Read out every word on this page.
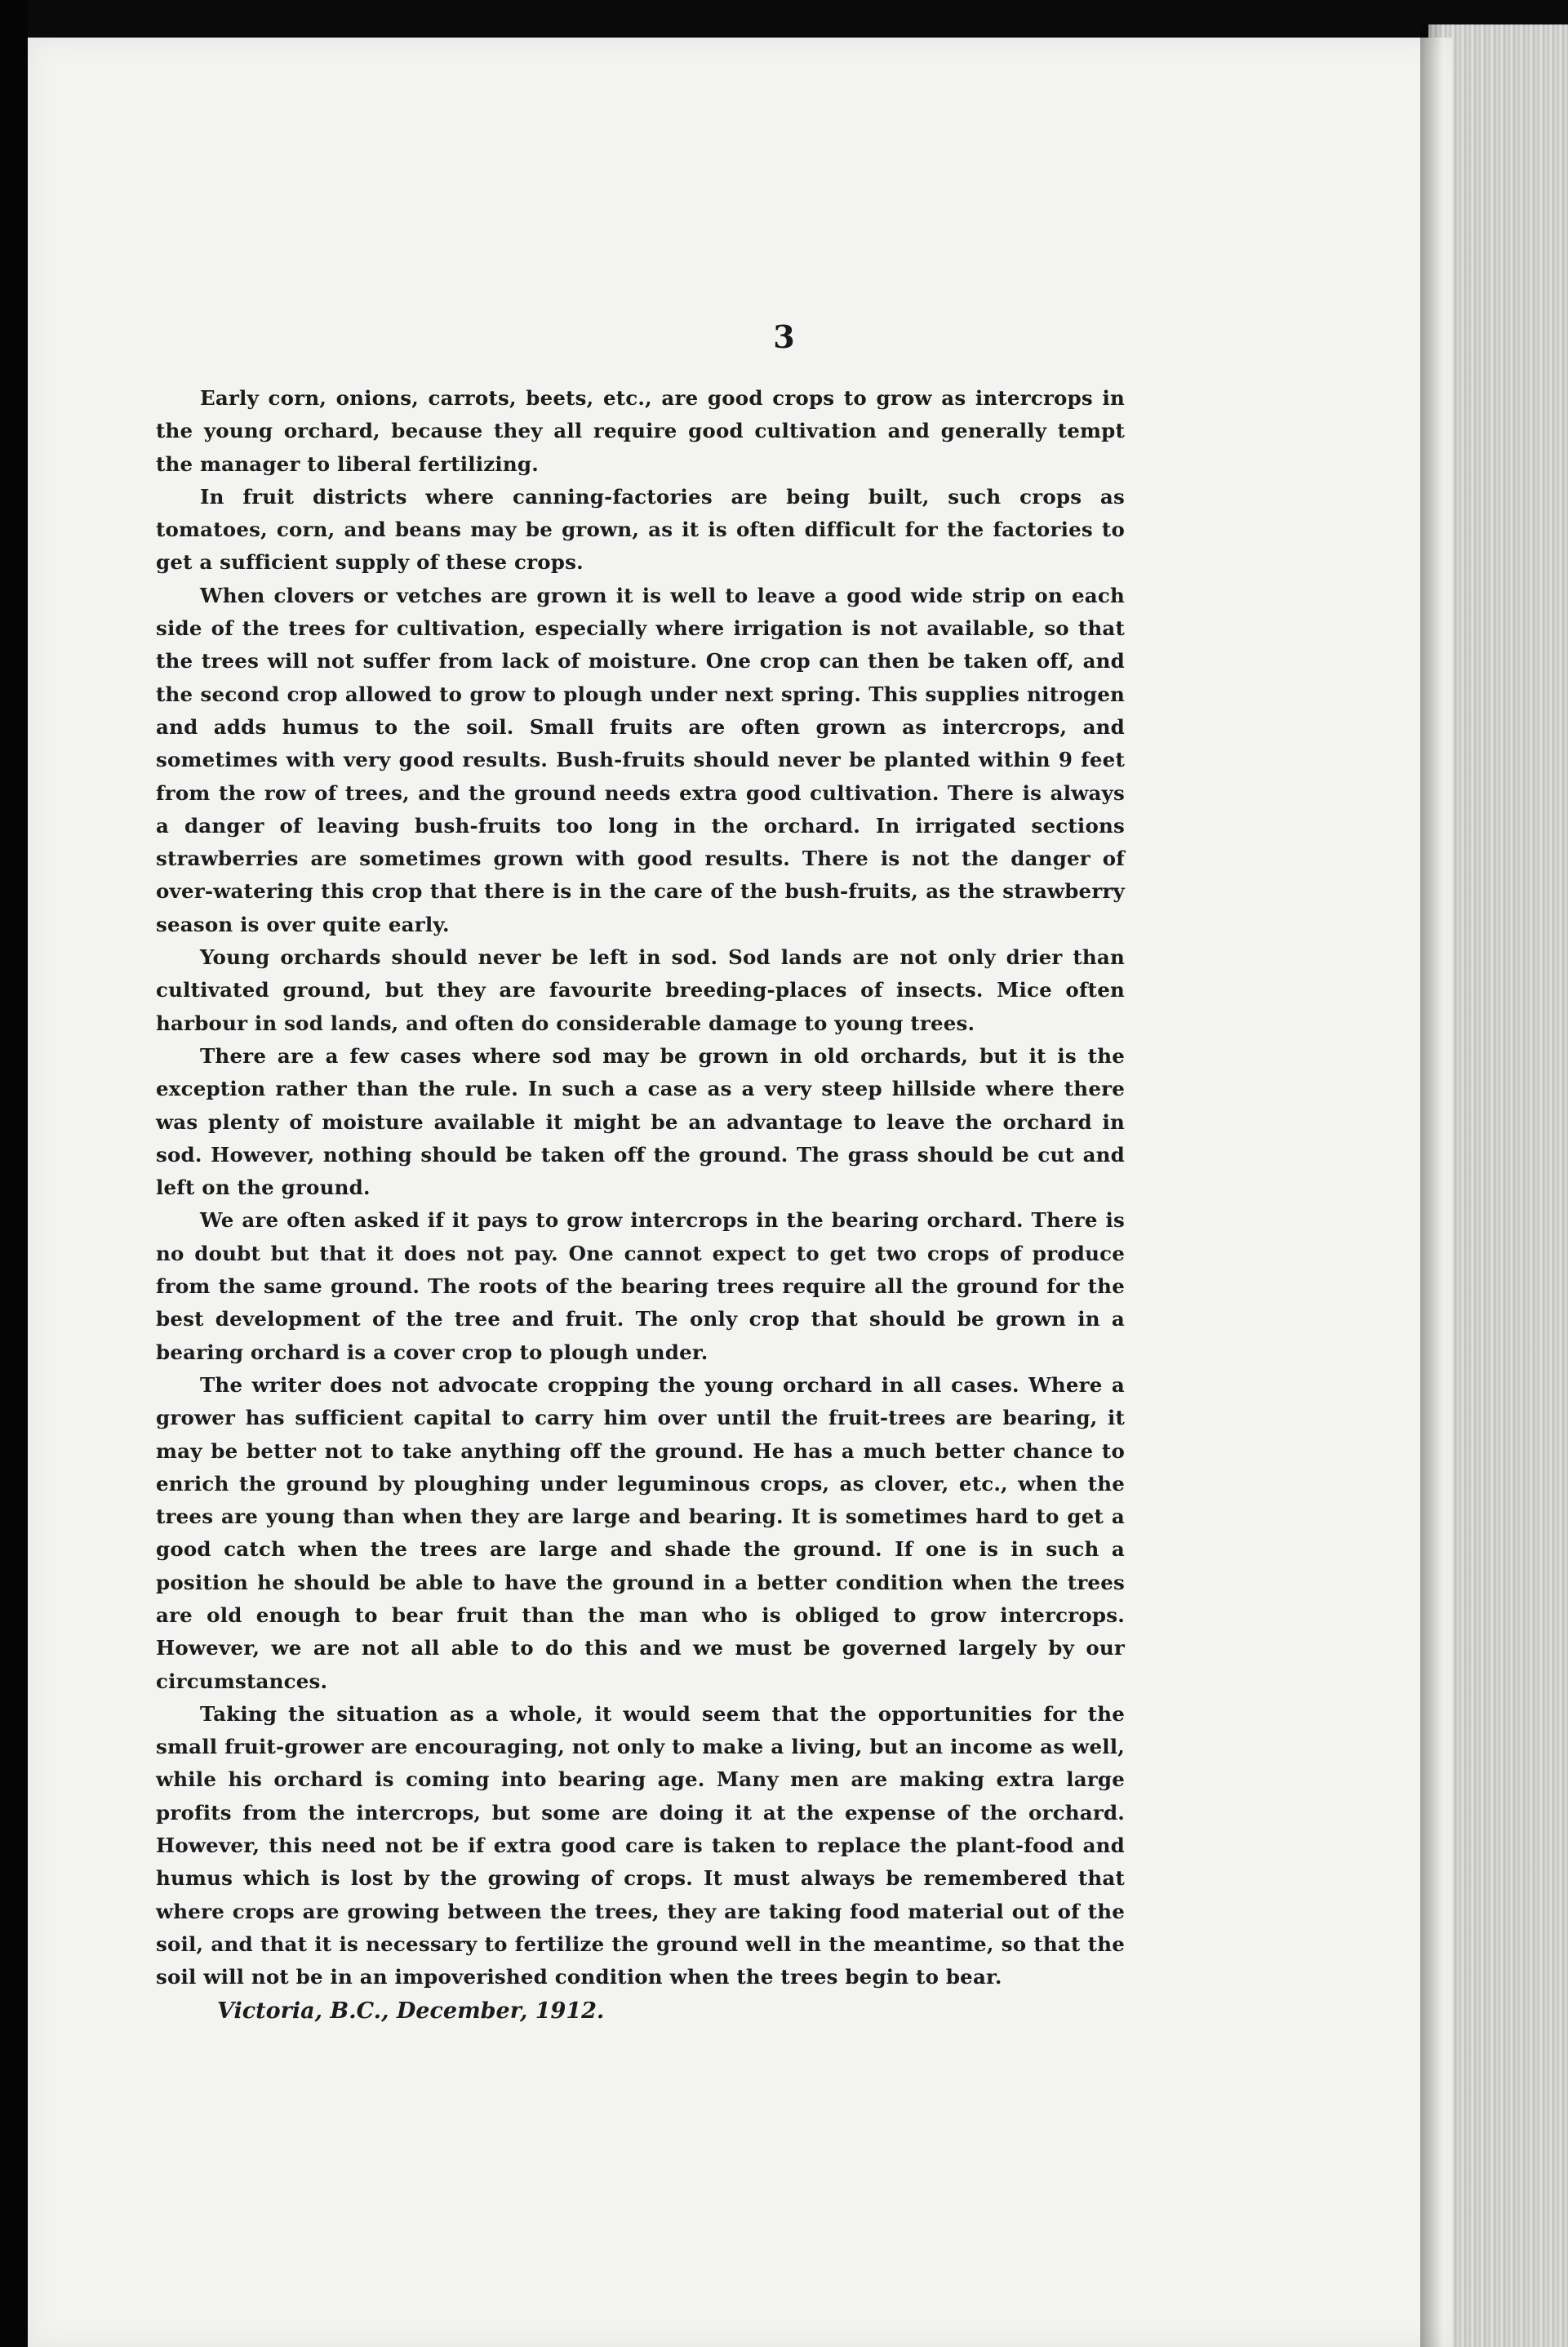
3

Early corn, onions, carrots, beets, etc., are good crops to grow as intercrops in the young orchard, because they all require good cultivation and generally tempt the manager to liberal fertilizing.

In fruit districts where canning-factories are being built, such crops as tomatoes, corn, and beans may be grown, as it is often difficult for the factories to get a sufficient supply of these crops.

When clovers or vetches are grown it is well to leave a good wide strip on each side of the trees for cultivation, especially where irrigation is not available, so that the trees will not suffer from lack of moisture. One crop can then be taken off, and the second crop allowed to grow to plough under next spring. This supplies nitrogen and adds humus to the soil. Small fruits are often grown as intercrops, and sometimes with very good results. Bush-fruits should never be planted within 9 feet from the row of trees, and the ground needs extra good cultivation. There is always a danger of leaving bush-fruits too long in the orchard. In irrigated sections strawberries are sometimes grown with good results. There is not the danger of over-watering this crop that there is in the care of the bush-fruits, as the strawberry season is over quite early.

Young orchards should never be left in sod. Sod lands are not only drier than cultivated ground, but they are favourite breeding-places of insects. Mice often harbour in sod lands, and often do considerable damage to young trees.

There are a few cases where sod may be grown in old orchards, but it is the exception rather than the rule. In such a case as a very steep hillside where there was plenty of moisture available it might be an advantage to leave the orchard in sod. However, nothing should be taken off the ground. The grass should be cut and left on the ground.

We are often asked if it pays to grow intercrops in the bearing orchard. There is no doubt but that it does not pay. One cannot expect to get two crops of produce from the same ground. The roots of the bearing trees require all the ground for the best development of the tree and fruit. The only crop that should be grown in a bearing orchard is a cover crop to plough under.

The writer does not advocate cropping the young orchard in all cases. Where a grower has sufficient capital to carry him over until the fruit-trees are bearing, it may be better not to take anything off the ground. He has a much better chance to enrich the ground by ploughing under leguminous crops, as clover, etc., when the trees are young than when they are large and bearing. It is sometimes hard to get a good catch when the trees are large and shade the ground. If one is in such a position he should be able to have the ground in a better condition when the trees are old enough to bear fruit than the man who is obliged to grow intercrops. However, we are not all able to do this and we must be governed largely by our circumstances.

Taking the situation as a whole, it would seem that the opportunities for the small fruit-grower are encouraging, not only to make a living, but an income as well, while his orchard is coming into bearing age. Many men are making extra large profits from the intercrops, but some are doing it at the expense of the orchard. However, this need not be if extra good care is taken to replace the plant-food and humus which is lost by the growing of crops. It must always be remembered that where crops are growing between the trees, they are taking food material out of the soil, and that it is necessary to fertilize the ground well in the meantime, so that the soil will not be in an impoverished condition when the trees begin to bear.

Victoria, B.C., December, 1912.
